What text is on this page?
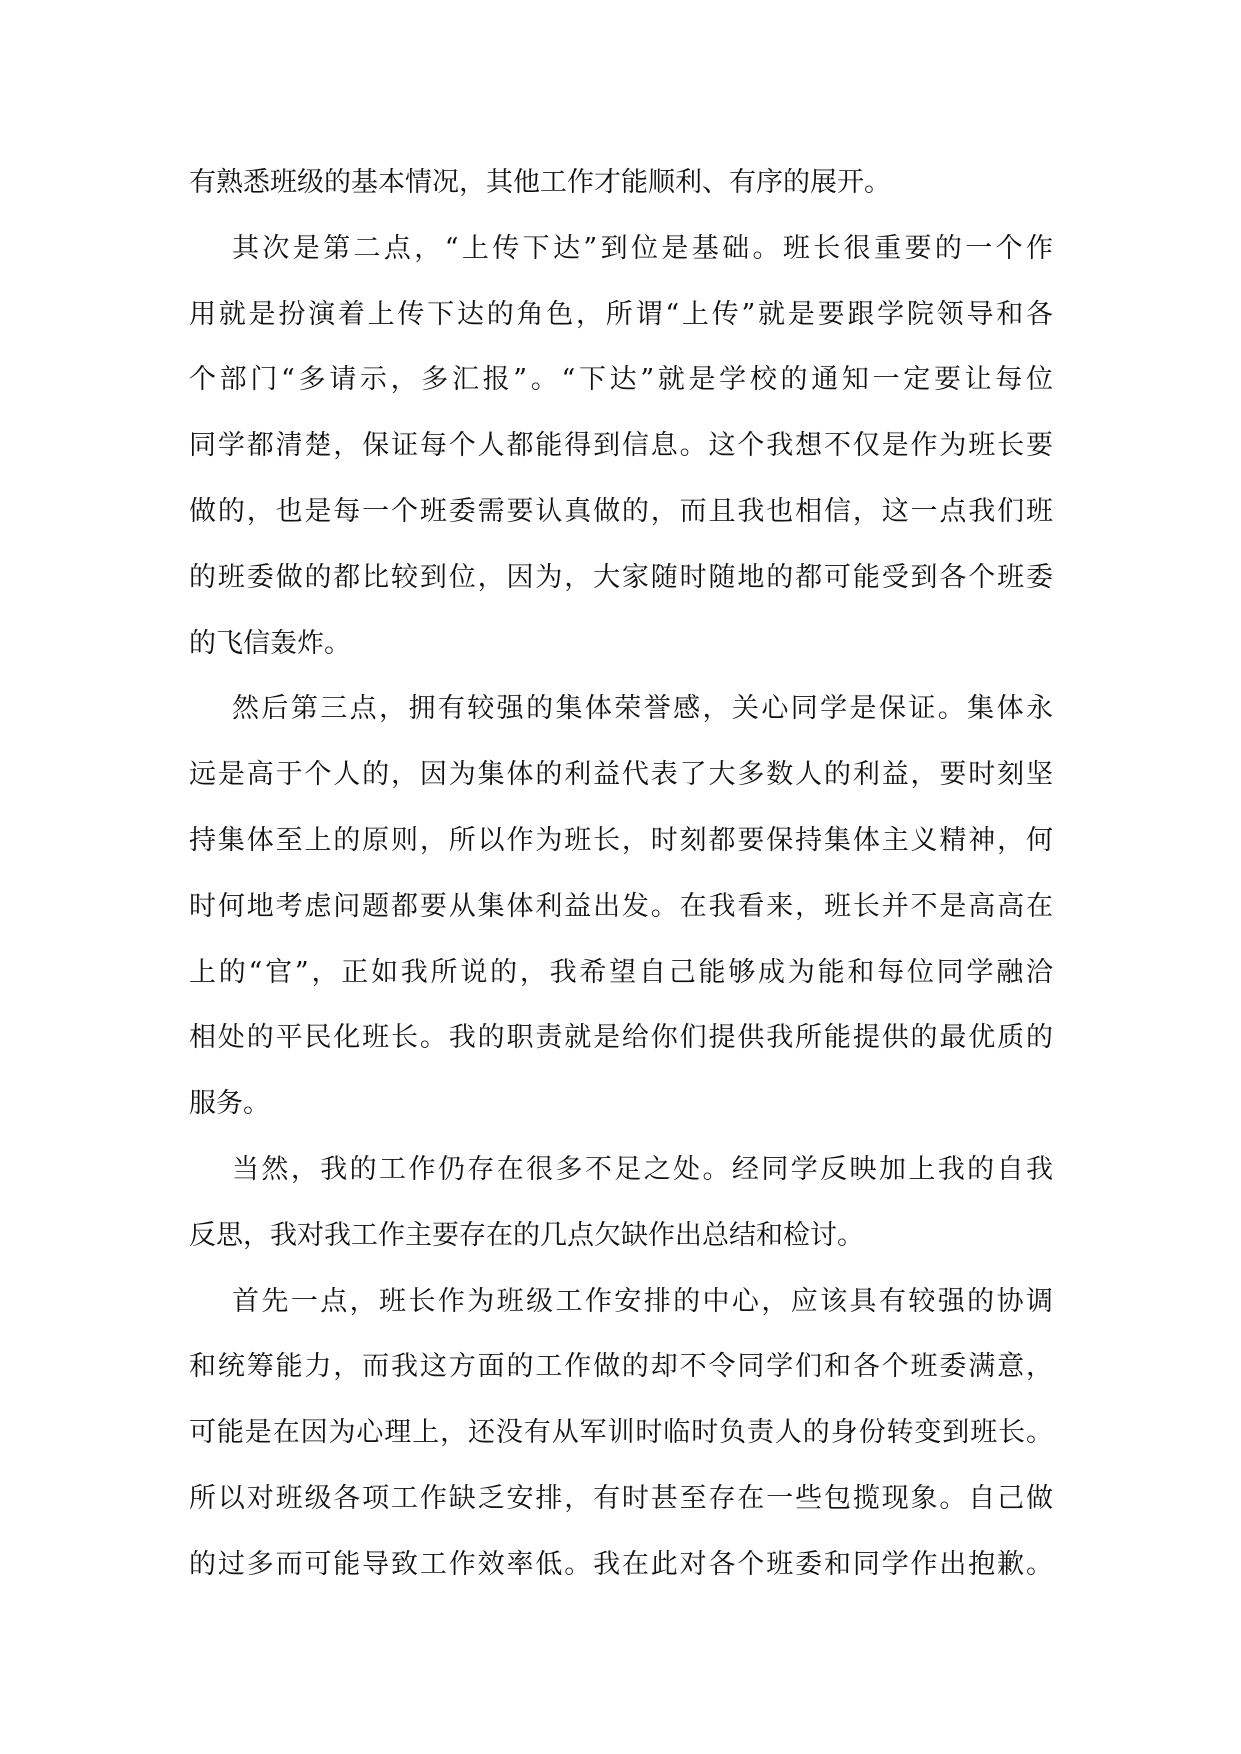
有熟悉班级的基本情况，其他工作才能顺利、有序的展开。
其次是第二点，“上传下达”到位是基础。班长很重要的一个作
用就是扮演着上传下达的角色，所谓“上传”就是要跟学院领导和各
个部门“多请示，多汇报”。“下达”就是学校的通知一定要让每位
同学都清楚，保证每个人都能得到信息。这个我想不仅是作为班长要
做的，也是每一个班委需要认真做的，而且我也相信，这一点我们班
的班委做的都比较到位，因为，大家随时随地的都可能受到各个班委
的飞信轰炸。
然后第三点，拥有较强的集体荣誉感，关心同学是保证。集体永
远是高于个人的，因为集体的利益代表了大多数人的利益，要时刻坚
持集体至上的原则，所以作为班长，时刻都要保持集体主义精神，何
时何地考虑问题都要从集体利益出发。在我看来，班长并不是高高在
上的“官”，正如我所说的，我希望自己能够成为能和每位同学融洽
相处的平民化班长。我的职责就是给你们提供我所能提供的最优质的
服务。
当然，我的工作仍存在很多不足之处。经同学反映加上我的自我
反思，我对我工作主要存在的几点欠缺作出总结和检讨。
首先一点，班长作为班级工作安排的中心，应该具有较强的协调
和统筹能力，而我这方面的工作做的却不令同学们和各个班委满意，
可能是在因为心理上，还没有从军训时临时负责人的身份转变到班长。
所以对班级各项工作缺乏安排，有时甚至存在一些包揽现象。自己做
的过多而可能导致工作效率低。我在此对各个班委和同学作出抱歉。
